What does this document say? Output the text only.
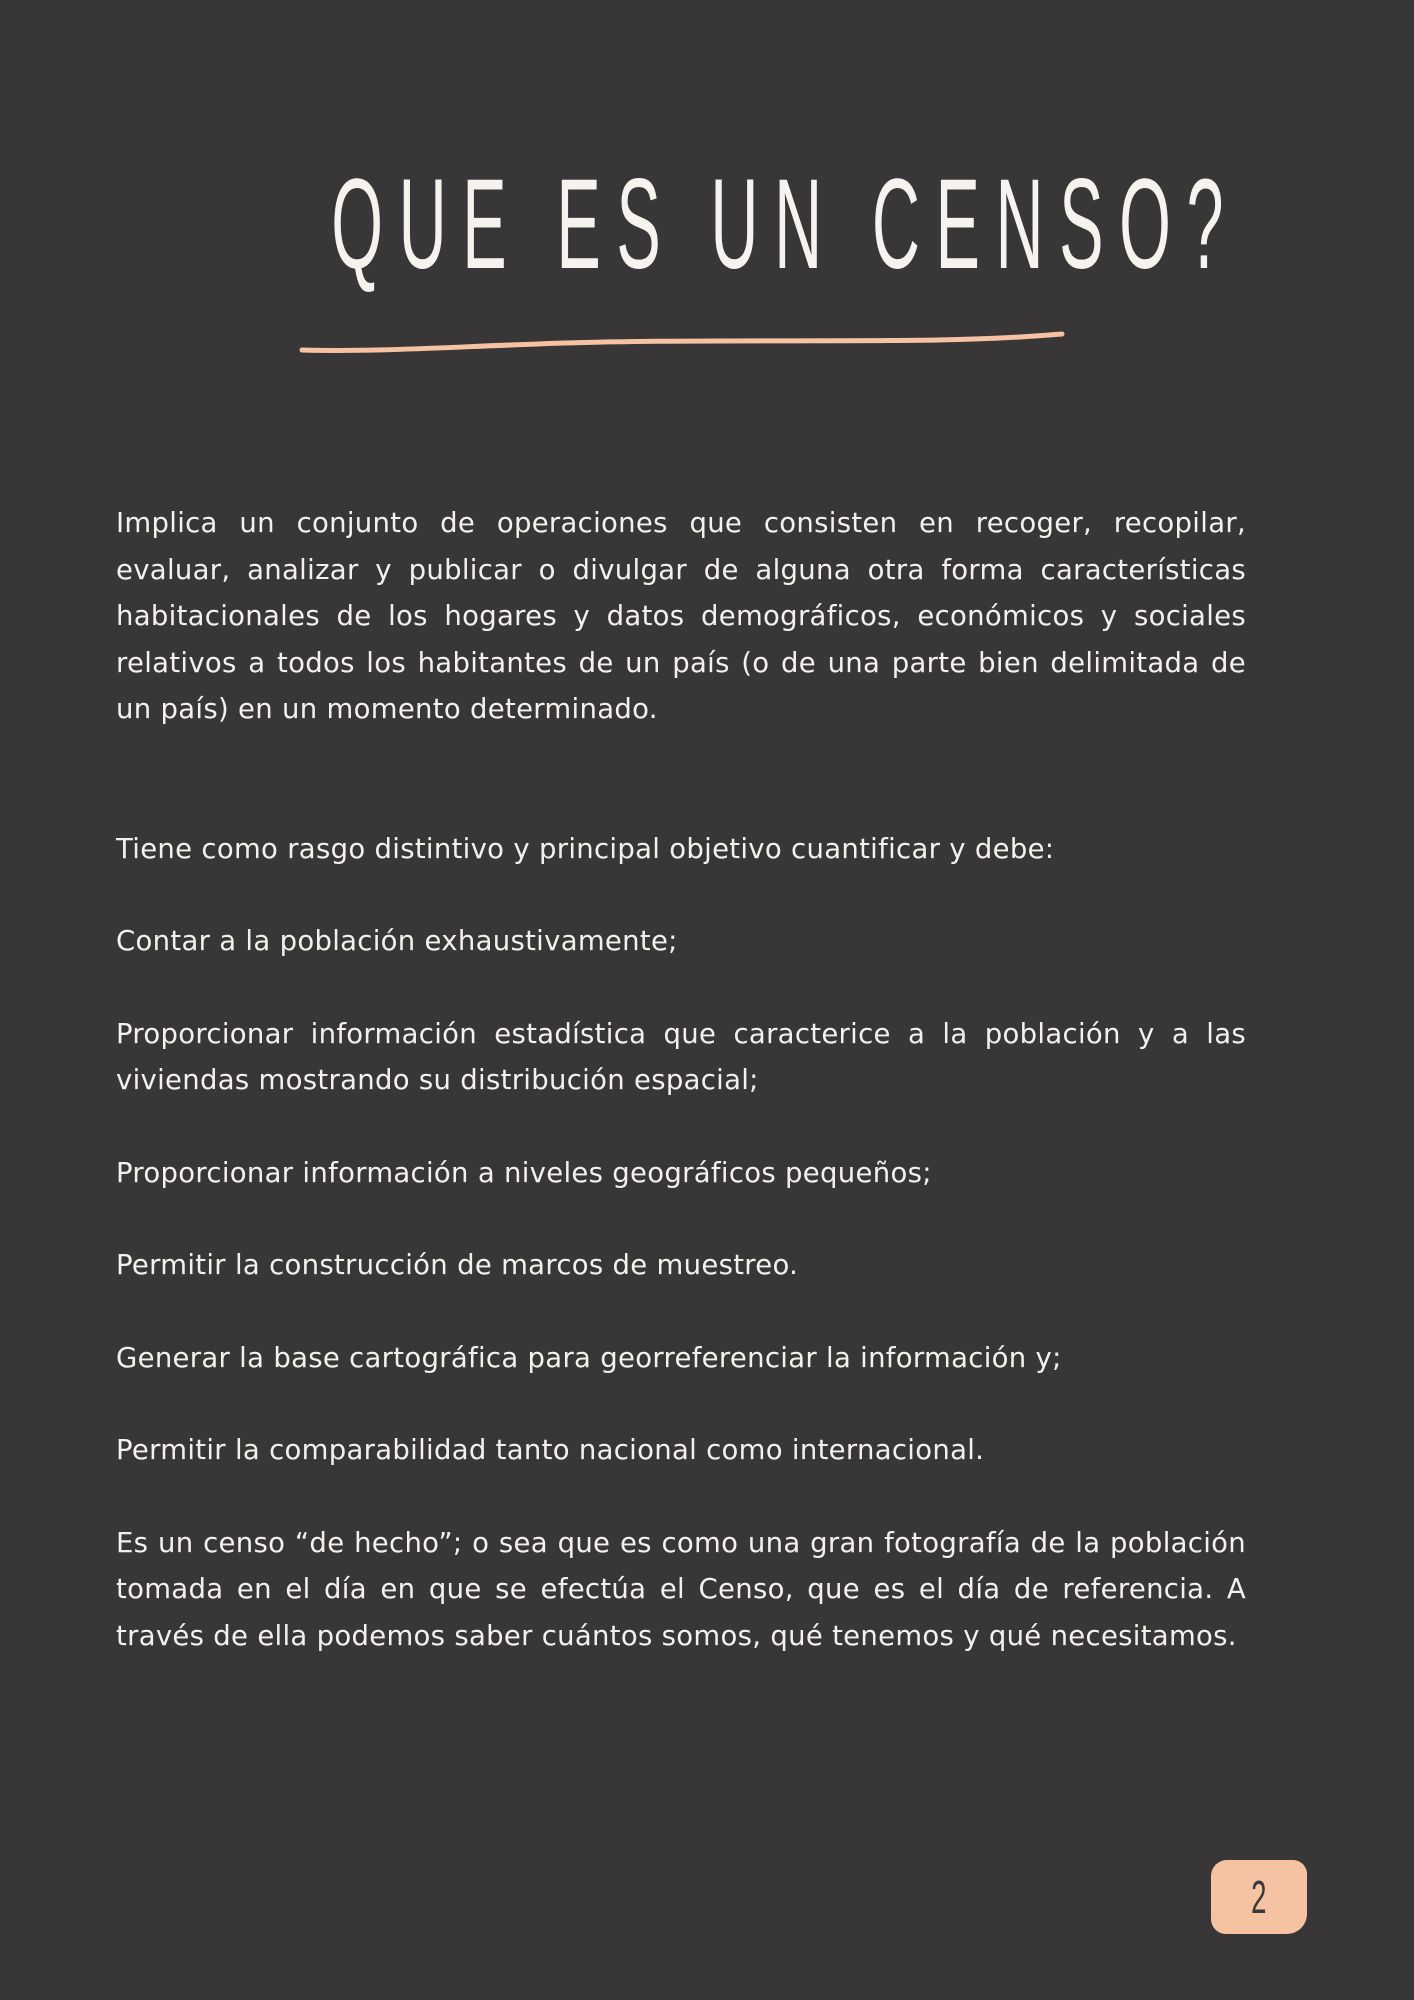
QUE ES UN CENSO?

Implica un conjunto de operaciones que consisten en recoger, recopilar, evaluar, analizar y publicar o divulgar de alguna otra forma características habitacionales de los hogares y datos demográficos, económicos y sociales relativos a todos los habitantes de un país (o de una parte bien delimitada de un país) en un momento determinado.

Tiene como rasgo distintivo y principal objetivo cuantificar y debe:

Contar a la población exhaustivamente;

Proporcionar información estadística que caracterice a la población y a las viviendas mostrando su distribución espacial;

Proporcionar información a niveles geográficos pequeños;

Permitir la construcción de marcos de muestreo.

Generar la base cartográfica para georreferenciar la información y;

Permitir la comparabilidad tanto nacional como internacional.

Es un censo “de hecho”; o sea que es como una gran fotografía de la población tomada en el día en que se efectúa el Censo, que es el día de referencia. A través de ella podemos saber cuántos somos, qué tenemos y qué necesitamos.

2
